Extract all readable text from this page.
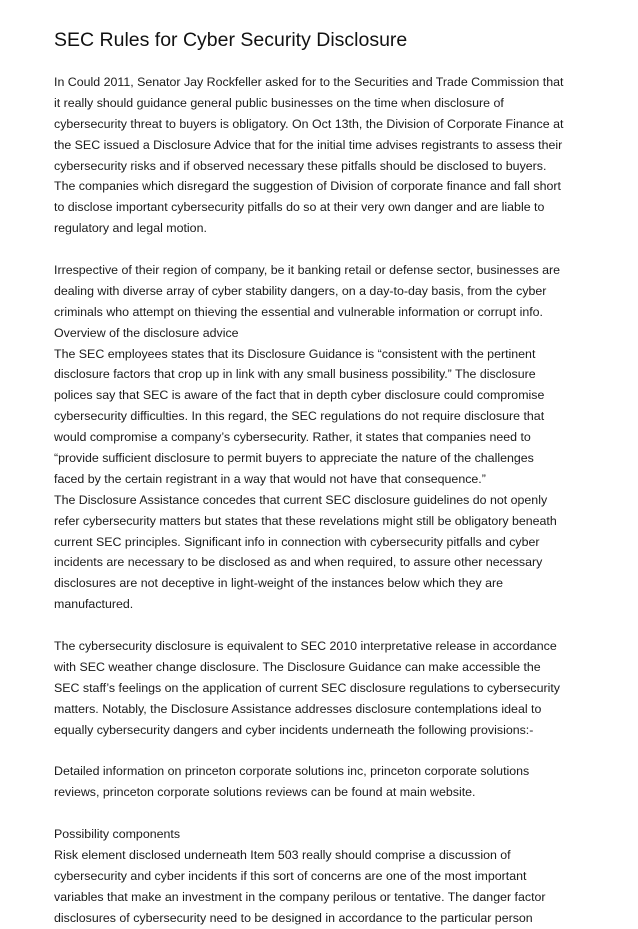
SEC Rules for Cyber Security Disclosure
In Could 2011, Senator Jay Rockfeller asked for to the Securities and Trade Commission that
it really should guidance general public businesses on the time when disclosure of
cybersecurity threat to buyers is obligatory. On Oct 13th, the Division of Corporate Finance at
the SEC issued a Disclosure Advice that for the initial time advises registrants to assess their
cybersecurity risks and if observed necessary these pitfalls should be disclosed to buyers.
The companies which disregard the suggestion of Division of corporate finance and fall short
to disclose important cybersecurity pitfalls do so at their very own danger and are liable to
regulatory and legal motion.
Irrespective of their region of company, be it banking retail or defense sector, businesses are
dealing with diverse array of cyber stability dangers, on a day-to-day basis, from the cyber
criminals who attempt on thieving the essential and vulnerable information or corrupt info.
Overview of the disclosure advice
The SEC employees states that its Disclosure Guidance is “consistent with the pertinent
disclosure factors that crop up in link with any small business possibility.” The disclosure
polices say that SEC is aware of the fact that in depth cyber disclosure could compromise
cybersecurity difficulties. In this regard, the SEC regulations do not require disclosure that
would compromise a company’s cybersecurity. Rather, it states that companies need to
“provide sufficient disclosure to permit buyers to appreciate the nature of the challenges
faced by the certain registrant in a way that would not have that consequence.”
The Disclosure Assistance concedes that current SEC disclosure guidelines do not openly
refer cybersecurity matters but states that these revelations might still be obligatory beneath
current SEC principles. Significant info in connection with cybersecurity pitfalls and cyber
incidents are necessary to be disclosed as and when required, to assure other necessary
disclosures are not deceptive in light-weight of the instances below which they are
manufactured.
The cybersecurity disclosure is equivalent to SEC 2010 interpretative release in accordance
with SEC weather change disclosure. The Disclosure Guidance can make accessible the
SEC staff’s feelings on the application of current SEC disclosure regulations to cybersecurity
matters. Notably, the Disclosure Assistance addresses disclosure contemplations ideal to
equally cybersecurity dangers and cyber incidents underneath the following provisions:-
Detailed information on princeton corporate solutions inc, princeton corporate solutions
reviews, princeton corporate solutions reviews can be found at main website.
Possibility components
Risk element disclosed underneath Item 503 really should comprise a discussion of
cybersecurity and cyber incidents if this sort of concerns are one of the most important
variables that make an investment in the company perilous or tentative. The danger factor
disclosures of cybersecurity need to be designed in accordance to the particular person
